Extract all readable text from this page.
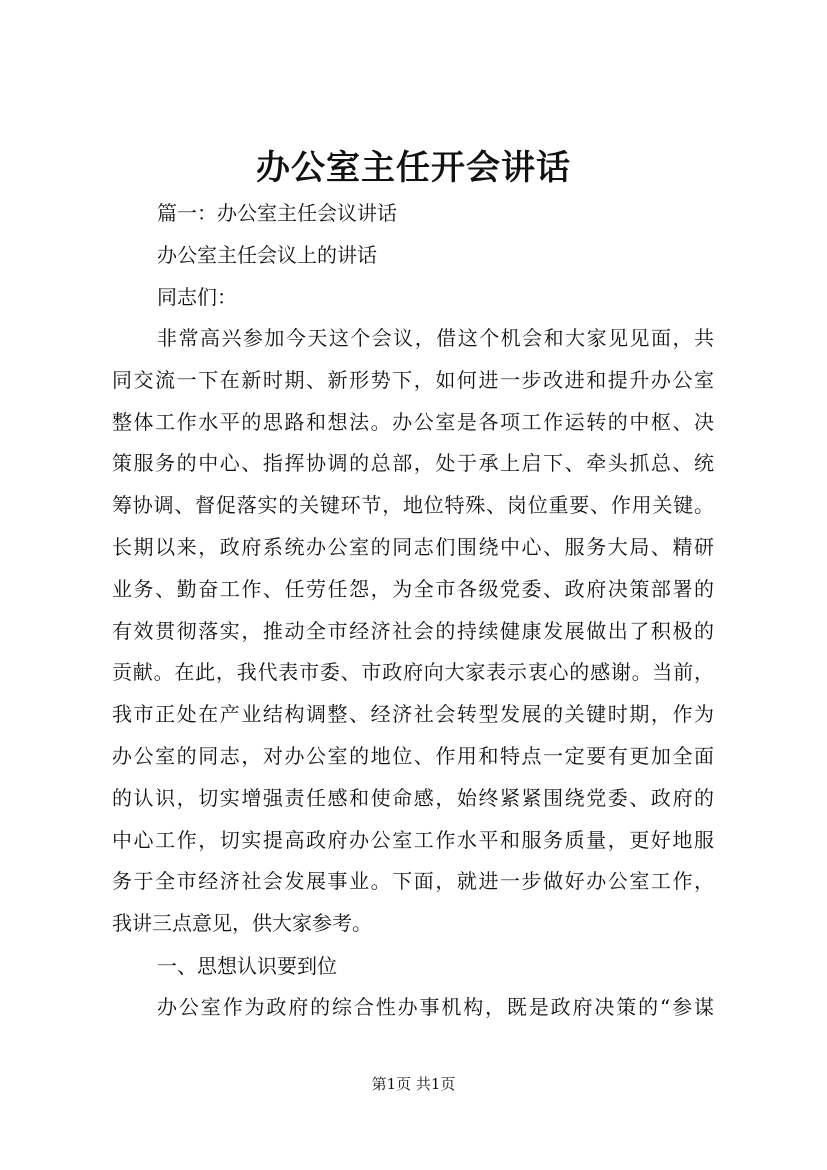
办公室主任开会讲话
篇一：办公室主任会议讲话
办公室主任会议上的讲话
同志们：
非常高兴参加今天这个会议，借这个机会和大家见见面，共
同交流一下在新时期、新形势下，如何进一步改进和提升办公室
整体工作水平的思路和想法。办公室是各项工作运转的中枢、决
策服务的中心、指挥协调的总部，处于承上启下、牵头抓总、统
筹协调、督促落实的关键环节，地位特殊、岗位重要、作用关键。
长期以来，政府系统办公室的同志们围绕中心、服务大局、精研
业务、勤奋工作、任劳任怨，为全市各级党委、政府决策部署的
有效贯彻落实，推动全市经济社会的持续健康发展做出了积极的
贡献。在此，我代表市委、市政府向大家表示衷心的感谢。当前，
我市正处在产业结构调整、经济社会转型发展的关键时期，作为
办公室的同志，对办公室的地位、作用和特点一定要有更加全面
的认识，切实增强责任感和使命感，始终紧紧围绕党委、政府的
中心工作，切实提高政府办公室工作水平和服务质量，更好地服
务于全市经济社会发展事业。下面，就进一步做好办公室工作，
我讲三点意见，供大家参考。
一、思想认识要到位
办公室作为政府的综合性办事机构，既是政府决策的“参谋
第1页 共1页
